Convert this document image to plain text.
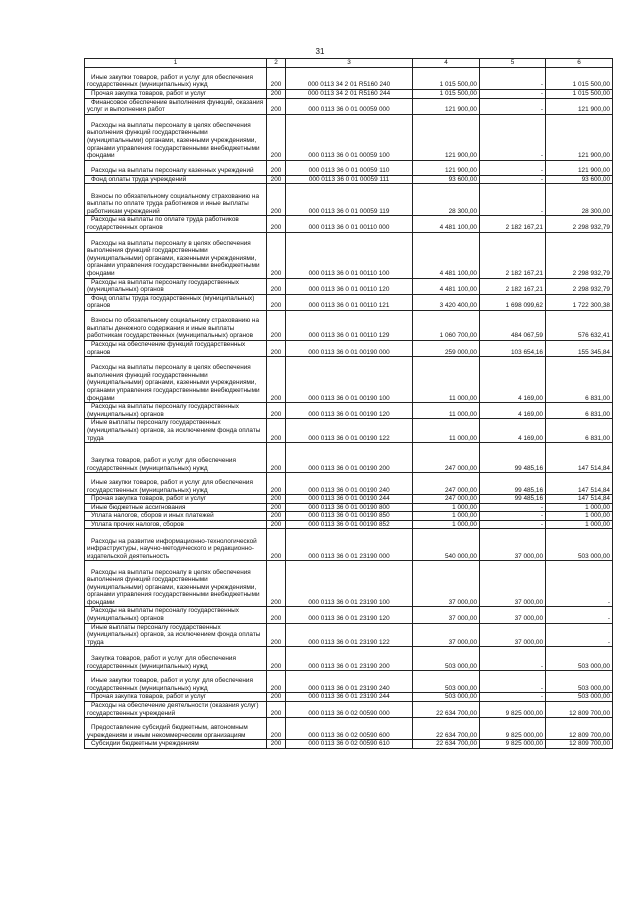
31
1	2	3	4	5	6

Иные закупки товаров, работ и услуг для обеспечения государственных (муниципальных) нужд	200	000 0113 34 2 01 R5160 240	1 015 500,00	-	1 015 500,00

Прочая закупка товаров, работ и услуг	200	000 0113 34 2 01 R5160 244	1 015 500,00	-	1 015 500,00

Финансовое обеспечение выполнения функций, оказания услуг и выполнения работ	200	000 0113 36 0 01 00059 000	121 900,00	-	121 900,00

Расходы на выплаты персоналу в целях обеспечения выполнения функций государственными (муниципальными) органами, казенными учреждениями, органами управления государственными внебюджетными фондами	200	000 0113 36 0 01 00059 100	121 900,00	-	121 900,00

Расходы на выплаты персоналу казенных учреждений	200	000 0113 36 0 01 00059 110	121 900,00	-	121 900,00

Фонд оплаты труда учреждений	200	000 0113 36 0 01 00059 111	93 600,00	-	93 600,00

Взносы по обязательному социальному страхованию на выплаты по оплате труда работников и иные выплаты работникам учреждений	200	000 0113 36 0 01 00059 119	28 300,00	-	28 300,00

Расходы на выплаты по оплате труда работников государственных органов	200	000 0113 36 0 01 00110 000	4 481 100,00	2 182 167,21	2 298 932,79

Расходы на выплаты персоналу в целях обеспечения выполнения функций государственными (муниципальными) органами, казенными учреждениями, органами управления государственными внебюджетными фондами	200	000 0113 36 0 01 00110 100	4 481 100,00	2 182 167,21	2 298 932,79

Расходы на выплаты персоналу государственных (муниципальных) органов	200	000 0113 36 0 01 00110 120	4 481 100,00	2 182 167,21	2 298 932,79

Фонд оплаты труда государственных (муниципальных) органов	200	000 0113 36 0 01 00110 121	3 420 400,00	1 698 099,62	1 722 300,38

Взносы по обязательному социальному страхованию на выплаты денежного содержания и иные выплаты работникам государственных (муниципальных) органов	200	000 0113 36 0 01 00110 129	1 060 700,00	484 067,59	576 632,41

Расходы на обеспечение функций государственных органов	200	000 0113 36 0 01 00190 000	259 000,00	103 654,16	155 345,84

Расходы на выплаты персоналу в целях обеспечения выполнения функций государственными (муниципальными) органами, казенными учреждениями, органами управления государственными внебюджетными фондами	200	000 0113 36 0 01 00190 100	11 000,00	4 169,00	6 831,00

Расходы на выплаты персоналу государственных (муниципальных) органов	200	000 0113 36 0 01 00190 120	11 000,00	4 169,00	6 831,00

Иные выплаты персоналу государственных (муниципальных) органов, за исключением фонда оплаты труда	200	000 0113 36 0 01 00190 122	11 000,00	4 169,00	6 831,00

Закупка товаров, работ и услуг для обеспечения государственных (муниципальных) нужд	200	000 0113 36 0 01 00190 200	247 000,00	99 485,16	147 514,84

Иные закупки товаров, работ и услуг для обеспечения государственных (муниципальных) нужд	200	000 0113 36 0 01 00190 240	247 000,00	99 485,16	147 514,84

Прочая закупка товаров, работ и услуг	200	000 0113 36 0 01 00190 244	247 000,00	99 485,16	147 514,84

Иные бюджетные ассигнования	200	000 0113 36 0 01 00190 800	1 000,00	-	1 000,00

Уплата налогов, сборов и иных платежей	200	000 0113 36 0 01 00190 850	1 000,00	-	1 000,00

Уплата прочих налогов, сборов	200	000 0113 36 0 01 00190 852	1 000,00	-	1 000,00

Расходы на развитие информационно-технологической инфраструктуры, научно-методического и редакционно-издательской деятельность	200	000 0113 36 0 01 23190 000	540 000,00	37 000,00	503 000,00

Расходы на выплаты персоналу в целях обеспечения выполнения функций государственными (муниципальными) органами, казенными учреждениями, органами управления государственными внебюджетными фондами	200	000 0113 36 0 01 23190 100	37 000,00	37 000,00	-

Расходы на выплаты персоналу государственных (муниципальных) органов	200	000 0113 36 0 01 23190 120	37 000,00	37 000,00	-

Иные выплаты персоналу государственных (муниципальных) органов, за исключением фонда оплаты труда	200	000 0113 36 0 01 23190 122	37 000,00	37 000,00	-

Закупка товаров, работ и услуг для обеспечения государственных (муниципальных) нужд	200	000 0113 36 0 01 23190 200	503 000,00	-	503 000,00

Иные закупки товаров, работ и услуг для обеспечения государственных (муниципальных) нужд	200	000 0113 36 0 01 23190 240	503 000,00	-	503 000,00

Прочая закупка товаров, работ и услуг	200	000 0113 36 0 01 23190 244	503 000,00	-	503 000,00

Расходы на обеспечение деятельности (оказания услуг) государственных учреждений	200	000 0113 36 0 02 00590 000	22 634 700,00	9 825 000,00	12 809 700,00

Предоставление субсидий бюджетным, автономным учреждениям и иным некоммерческим организациям	200	000 0113 36 0 02 00590 600	22 634 700,00	9 825 000,00	12 809 700,00

Субсидии бюджетным учреждениям	200	000 0113 36 0 02 00590 610	22 634 700,00	9 825 000,00	12 809 700,00
